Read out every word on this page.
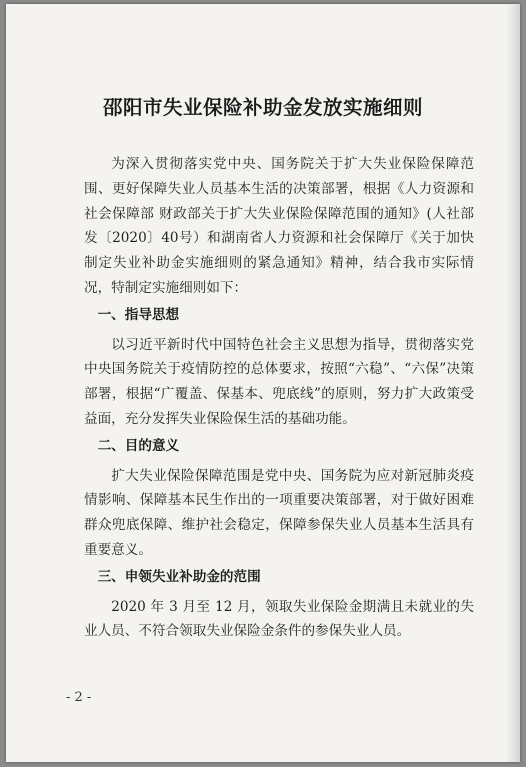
邵阳市失业保险补助金发放实施细则

为深入贯彻落实党中央、国务院关于扩大失业保险保障范围、更好保障失业人员基本生活的决策部署，根据《人力资源和社会保障部 财政部关于扩大失业保险保障范围的通知》(人社部发〔2020〕40号）和湖南省人力资源和社会保障厅《关于加快制定失业补助金实施细则的紧急通知》精神，结合我市实际情况，特制定实施细则如下：

一、指导思想

以习近平新时代中国特色社会主义思想为指导，贯彻落实党中央国务院关于疫情防控的总体要求，按照“六稳”、“六保”决策部署，根据“广覆盖、保基本、兜底线”的原则，努力扩大政策受益面，充分发挥失业保险保生活的基础功能。

二、目的意义

扩大失业保险保障范围是党中央、国务院为应对新冠肺炎疫情影响、保障基本民生作出的一项重要决策部署，对于做好困难群众兜底保障、维护社会稳定，保障参保失业人员基本生活具有重要意义。

三、申领失业补助金的范围

2020 年 3 月至 12 月，领取失业保险金期满且未就业的失业人员、不符合领取失业保险金条件的参保失业人员。

- 2 -
